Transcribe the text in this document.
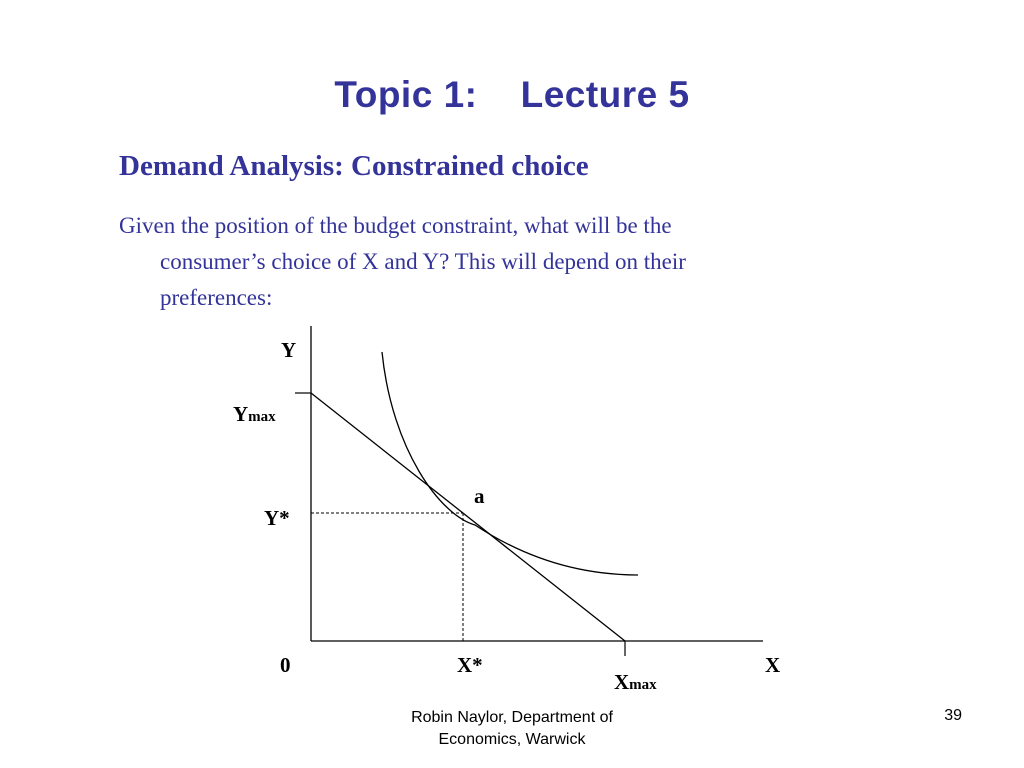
Topic 1:    Lecture 5
Demand Analysis: Constrained choice
Given the position of the budget constraint, what will be the
consumer’s choice of X and Y? This will depend on their
preferences:
Y
Ymax
Y*
a
0	X*
Xmax
X
Robin Naylor, Department of
Economics, Warwick
39
